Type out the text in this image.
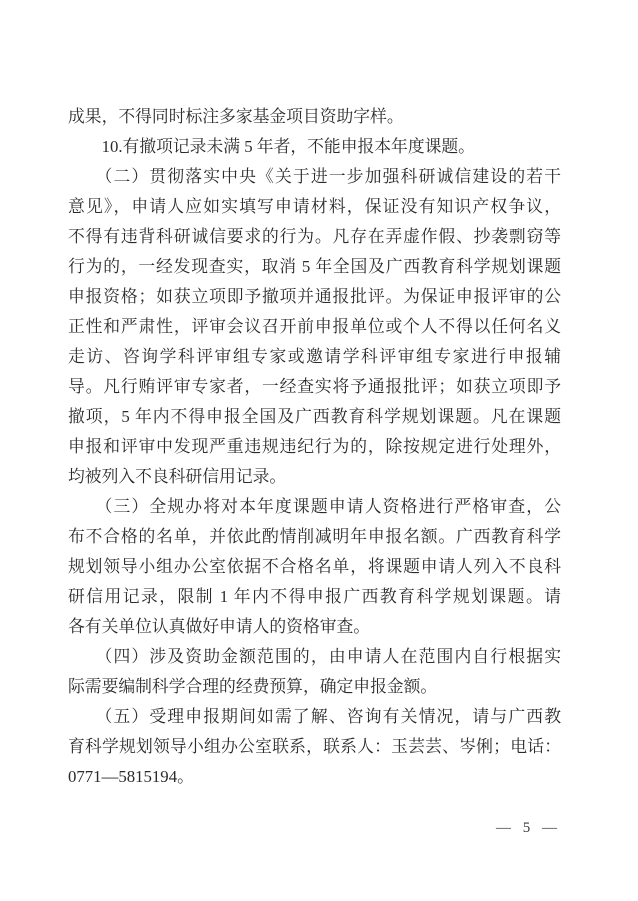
成果，不得同时标注多家基金项目资助字样。
　　10.有撤项记录未满 5 年者，不能申报本年度课题。
　　（二）贯彻落实中央《关于进一步加强科研诚信建设的若干
意见》，申请人应如实填写申请材料，保证没有知识产权争议，
不得有违背科研诚信要求的行为。凡存在弄虚作假、抄袭剽窃等
行为的，一经发现查实，取消 5 年全国及广西教育科学规划课题
申报资格；如获立项即予撤项并通报批评。为保证申报评审的公
正性和严肃性，评审会议召开前申报单位或个人不得以任何名义
走访、咨询学科评审组专家或邀请学科评审组专家进行申报辅
导。凡行贿评审专家者，一经查实将予通报批评；如获立项即予
撤项，5 年内不得申报全国及广西教育科学规划课题。凡在课题
申报和评审中发现严重违规违纪行为的，除按规定进行处理外，
均被列入不良科研信用记录。
　　（三）全规办将对本年度课题申请人资格进行严格审查，公
布不合格的名单，并依此酌情削减明年申报名额。广西教育科学
规划领导小组办公室依据不合格名单，将课题申请人列入不良科
研信用记录，限制 1 年内不得申报广西教育科学规划课题。请
各有关单位认真做好申请人的资格审查。
　　（四）涉及资助金额范围的，由申请人在范围内自行根据实
际需要编制科学合理的经费预算，确定申报金额。
　　（五）受理申报期间如需了解、咨询有关情况，请与广西教
育科学规划领导小组办公室联系，联系人：玉芸芸、岑俐；电话：
0771—5815194。
— 5 —
